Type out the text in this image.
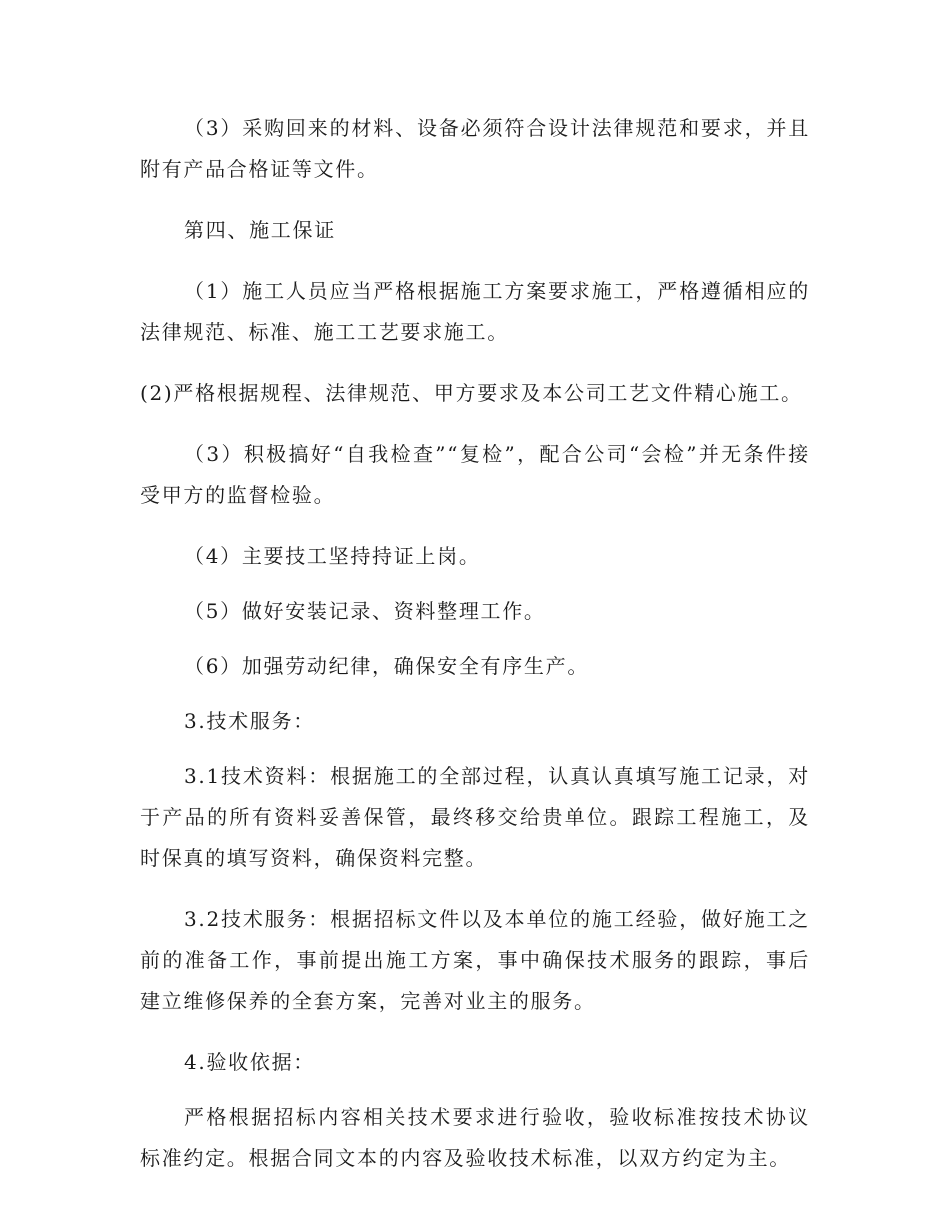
（3）采购回来的材料、设备必须符合设计法律规范和要求，并且附有产品合格证等文件。

第四、施工保证

（1）施工人员应当严格根据施工方案要求施工，严格遵循相应的法律规范、标准、施工工艺要求施工。

(2)严格根据规程、法律规范、甲方要求及本公司工艺文件精心施工。

（3）积极搞好“自我检查”“复检”，配合公司“会检”并无条件接受甲方的监督检验。

（4）主要技工坚持持证上岗。

（5）做好安装记录、资料整理工作。

（6）加强劳动纪律，确保安全有序生产。

3.技术服务：

3.1技术资料：根据施工的全部过程，认真认真填写施工记录，对于产品的所有资料妥善保管，最终移交给贵单位。跟踪工程施工，及时保真的填写资料，确保资料完整。

3.2技术服务：根据招标文件以及本单位的施工经验，做好施工之前的准备工作，事前提出施工方案，事中确保技术服务的跟踪，事后建立维修保养的全套方案，完善对业主的服务。

4.验收依据：

严格根据招标内容相关技术要求进行验收，验收标准按技术协议标准约定。根据合同文本的内容及验收技术标准，以双方约定为主。
